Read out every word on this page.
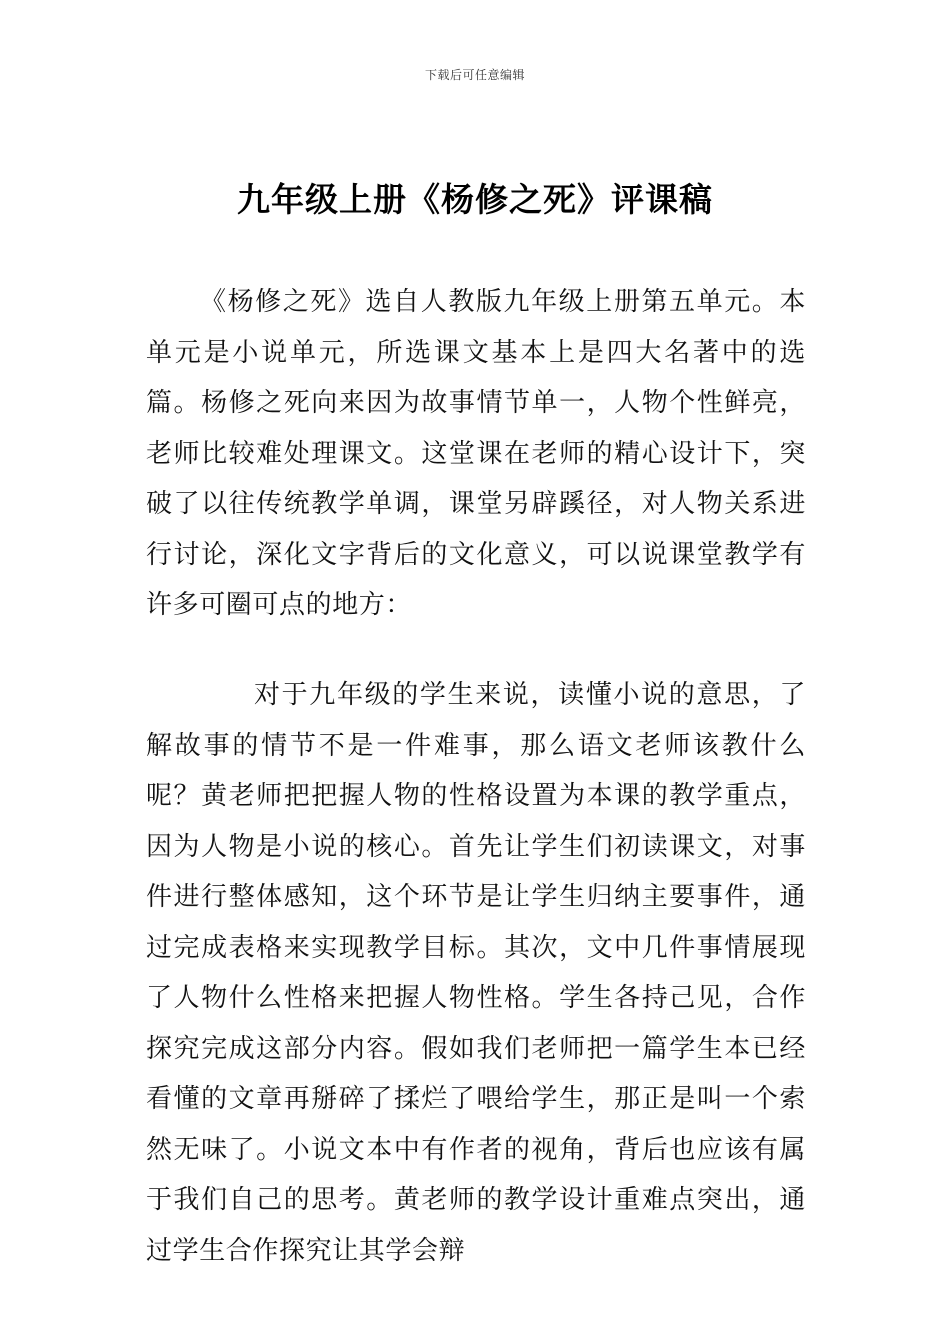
下载后可任意编辑
九年级上册《杨修之死》评课稿

《杨修之死》选自人教版九年级上册第五单元。本单元是小说单元，所选课文基本上是四大名著中的选篇。杨修之死向来因为故事情节单一，人物个性鲜亮，老师比较难处理课文。这堂课在老师的精心设计下，突破了以往传统教学单调，课堂另辟蹊径，对人物关系进行讨论，深化文字背后的文化意义，可以说课堂教学有许多可圈可点的地方：

对于九年级的学生来说，读懂小说的意思，了解故事的情节不是一件难事，那么语文老师该教什么呢？黄老师把把握人物的性格设置为本课的教学重点，因为人物是小说的核心。首先让学生们初读课文，对事件进行整体感知，这个环节是让学生归纳主要事件，通过完成表格来实现教学目标。其次，文中几件事情展现了人物什么性格来把握人物性格。学生各持己见，合作探究完成这部分内容。假如我们老师把一篇学生本已经看懂的文章再掰碎了揉烂了喂给学生，那正是叫一个索然无味了。小说文本中有作者的视角，背后也应该有属于我们自己的思考。黄老师的教学设计重难点突出，通过学生合作探究让其学会辩
